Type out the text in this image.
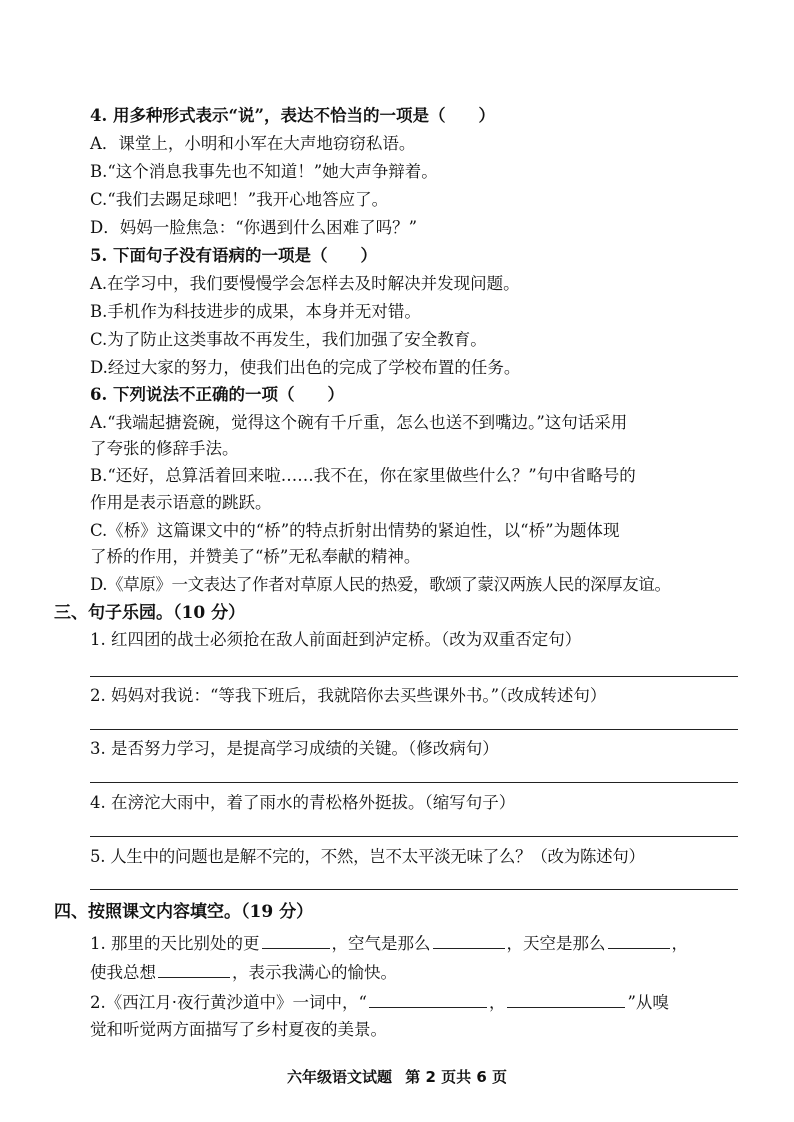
4. 用多种形式表示“说”，表达不恰当的一项是（　　）
A．课堂上，小明和小军在大声地窃窃私语。
B.“这个消息我事先也不知道！”她大声争辩着。
C.“我们去踢足球吧！”我开心地答应了。
D．妈妈一脸焦急：“你遇到什么困难了吗？”
5. 下面句子没有语病的一项是（　　）
A.在学习中，我们要慢慢学会怎样去及时解决并发现问题。
B.手机作为科技进步的成果，本身并无对错。
C.为了防止这类事故不再发生，我们加强了安全教育。
D.经过大家的努力，使我们出色的完成了学校布置的任务。
6. 下列说法不正确的一项（　　）
A.“我端起搪瓷碗，觉得这个碗有千斤重，怎么也送不到嘴边。”这句话采用
了夸张的修辞手法。
B.“还好，总算活着回来啦……我不在，你在家里做些什么？”句中省略号的
作用是表示语意的跳跃。
C.《桥》这篇课文中的“桥”的特点折射出情势的紧迫性，以“桥”为题体现
了桥的作用，并赞美了“桥”无私奉献的精神。
D.《草原》一文表达了作者对草原人民的热爱，歌颂了蒙汉两族人民的深厚友谊。
三、句子乐园。（10 分）
1. 红四团的战士必须抢在敌人前面赶到泸定桥。（改为双重否定句）
2. 妈妈对我说：“等我下班后，我就陪你去买些课外书。”（改成转述句）
3. 是否努力学习，是提高学习成绩的关键。（修改病句）
4. 在滂沱大雨中，着了雨水的青松格外挺拔。（缩写句子）
5. 人生中的问题也是解不完的，不然，岂不太平淡无味了么？（改为陈述句）
四、按照课文内容填空。（19 分）
1. 那里的天比别处的更	，空气是那么	，天空是那么	，
使我总想	，表示我满心的愉快。
2.《西江月·夜行黄沙道中》一词中，“	，	”从嗅
觉和听觉两方面描写了乡村夏夜的美景。
六年级语文试题 第 2 页共 6 页
